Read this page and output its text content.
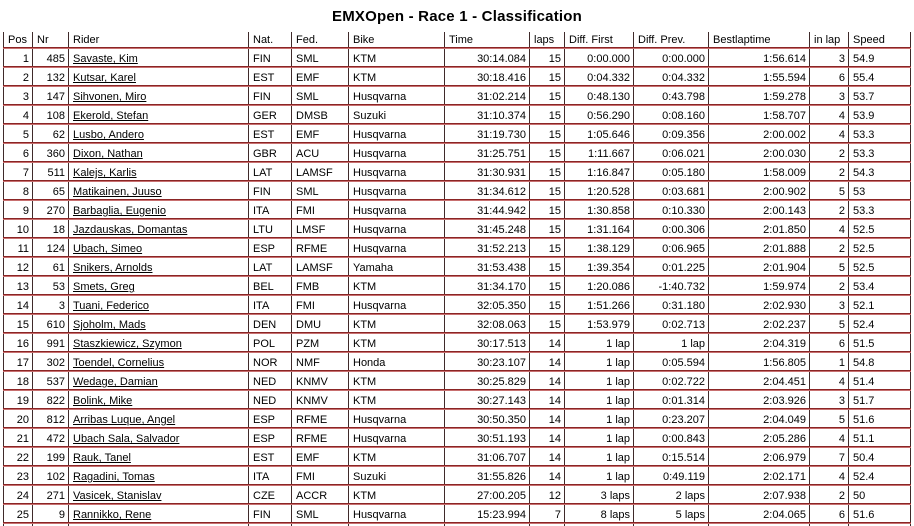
EMXOpen - Race 1 - Classification
Pos Nr	Rider	Nat.	Fed.	Bike	Time	laps	Diff. First	Diff. Prev.	Bestlaptime	in lap	Speed
1	485 Savaste, Kim	FIN	SML	KTM	30:14.084	15	0:00.000	0:00.000	1:56.614	3 54.9
2	132 Kutsar, Karel	EST	EMF	KTM	30:18.416	15	0:04.332	0:04.332	1:55.594	6 55.4
3	147 Sihvonen, Miro	FIN	SML	Husqvarna	31:02.214	15	0:48.130	0:43.798	1:59.278	3 53.7
4	108 Ekerold, Stefan	GER	DMSB	Suzuki	31:10.374	15	0:56.290	0:08.160	1:58.707	4 53.9
5	62 Lusbo, Andero	EST	EMF	Husqvarna	31:19.730	15	1:05.646	0:09.356	2:00.002	4 53.3
6	360 Dixon, Nathan	GBR	ACU	Husqvarna	31:25.751	15	1:11.667	0:06.021	2:00.030	2 53.3
7	511 Kalejs, Karlis	LAT	LAMSF	Husqvarna	31:30.931	15	1:16.847	0:05.180	1:58.009	2 54.3
8	65 Matikainen, Juuso	FIN	SML	Husqvarna	31:34.612	15	1:20.528	0:03.681	2:00.902	5 53
9	270 Barbaglia, Eugenio	ITA	FMI	Husqvarna	31:44.942	15	1:30.858	0:10.330	2:00.143	2 53.3
10	18 Jazdauskas, Domantas	LTU	LMSF	Husqvarna	31:45.248	15	1:31.164	0:00.306	2:01.850	4 52.5
11	124 Ubach, Simeo	ESP	RFME	Husqvarna	31:52.213	15	1:38.129	0:06.965	2:01.888	2 52.5
12	61 Snikers, Arnolds	LAT	LAMSF	Yamaha	31:53.438	15	1:39.354	0:01.225	2:01.904	5 52.5
13	53 Smets, Greg	BEL	FMB	KTM	31:34.170	15	1:20.086	-1:40.732	1:59.974	2 53.4
14	3 Tuani, Federico	ITA	FMI	Husqvarna	32:05.350	15	1:51.266	0:31.180	2:02.930	3 52.1
15	610 Sjoholm, Mads	DEN	DMU	KTM	32:08.063	15	1:53.979	0:02.713	2:02.237	5 52.4
16	991 Staszkiewicz, Szymon	POL	PZM	KTM	30:17.513	14	1 lap	1 lap	2:04.319	6 51.5
17	302 Toendel, Cornelius	NOR	NMF	Honda	30:23.107	14	1 lap	0:05.594	1:56.805	1 54.8
18	537 Wedage, Damian	NED	KNMV	KTM	30:25.829	14	1 lap	0:02.722	2:04.451	4 51.4
19	822 Bolink, Mike	NED	KNMV	KTM	30:27.143	14	1 lap	0:01.314	2:03.926	3 51.7
20	812 Arribas Luque, Angel	ESP	RFME	Husqvarna	30:50.350	14	1 lap	0:23.207	2:04.049	5 51.6
21	472 Ubach Sala, Salvador	ESP	RFME	Husqvarna	30:51.193	14	1 lap	0:00.843	2:05.286	4 51.1
22	199 Rauk, Tanel	EST	EMF	KTM	31:06.707	14	1 lap	0:15.514	2:06.979	7 50.4
23	102 Ragadini, Tomas	ITA	FMI	Suzuki	31:55.826	14	1 lap	0:49.119	2:02.171	4 52.4
24	271 Vasicek, Stanislav	CZE	ACCR	KTM	27:00.205	12	3 laps	2 laps	2:07.938	2 50
25	9 Rannikko, Rene	FIN	SML	Husqvarna	15:23.994	7	8 laps	5 laps	2:04.065	6 51.6
